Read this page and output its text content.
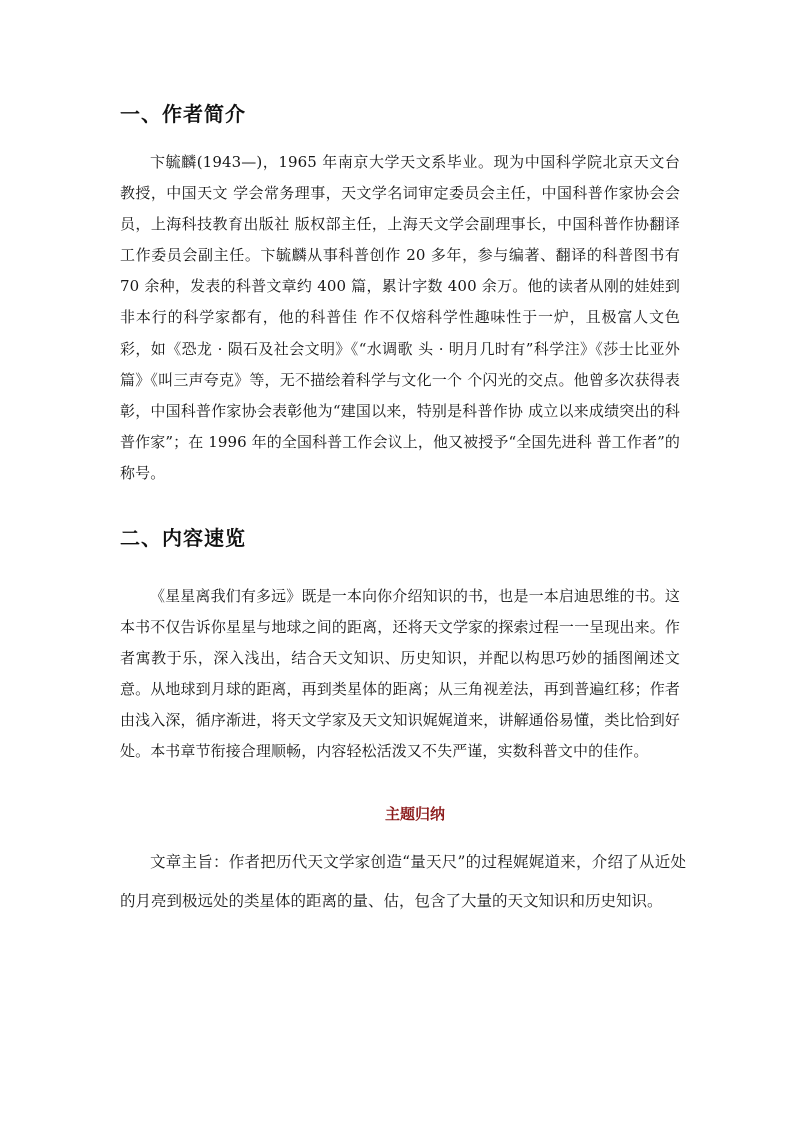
一、作者简介
卞毓麟(1943—)，1965 年南京大学天文系毕业。现为中国科学院北京天文台教授，中国天文 学会常务理事，天文学名词审定委员会主任，中国科普作家协会会员，上海科技教育出版社 版权部主任，上海天文学会副理事长，中国科普作协翻译工作委员会副主任。卞毓麟从事科普创作 20 多年，参与编著、翻译的科普图书有 70 余种，发表的科普文章约 400 篇，累计字数 400 余万。他的读者从刚的娃娃到非本行的科学家都有，他的科普佳 作不仅熔科学性趣味性于一炉，且极富人文色彩，如《恐龙 · 陨石及社会文明》《“水调歌 头 · 明月几时有”科学注》《莎士比亚外篇》《叫三声夸克》等，无不描绘着科学与文化一个 个闪光的交点。他曾多次获得表彰，中国科普作家协会表彰他为“建国以来，特别是科普作协 成立以来成绩突出的科普作家”；在 1996 年的全国科普工作会议上，他又被授予“全国先进科 普工作者”的称号。
二、内容速览
《星星离我们有多远》既是一本向你介绍知识的书，也是一本启迪思维的书。这本书不仅告诉你星星与地球之间的距离，还将天文学家的探索过程一一呈现出来。作者寓教于乐，深入浅出，结合天文知识、历史知识，并配以构思巧妙的插图阐述文意。从地球到月球的距离，再到类星体的距离；从三角视差法，再到普遍红移；作者由浅入深，循序渐进，将天文学家及天文知识娓娓道来，讲解通俗易懂，类比恰到好处。本书章节衔接合理顺畅，内容轻松活泼又不失严谨，实数科普文中的佳作。
主题归纳
文章主旨：作者把历代天文学家创造“量天尺”的过程娓娓道来，介绍了从近处的月亮到极远处的类星体的距离的量、估，包含了大量的天文知识和历史知识。
